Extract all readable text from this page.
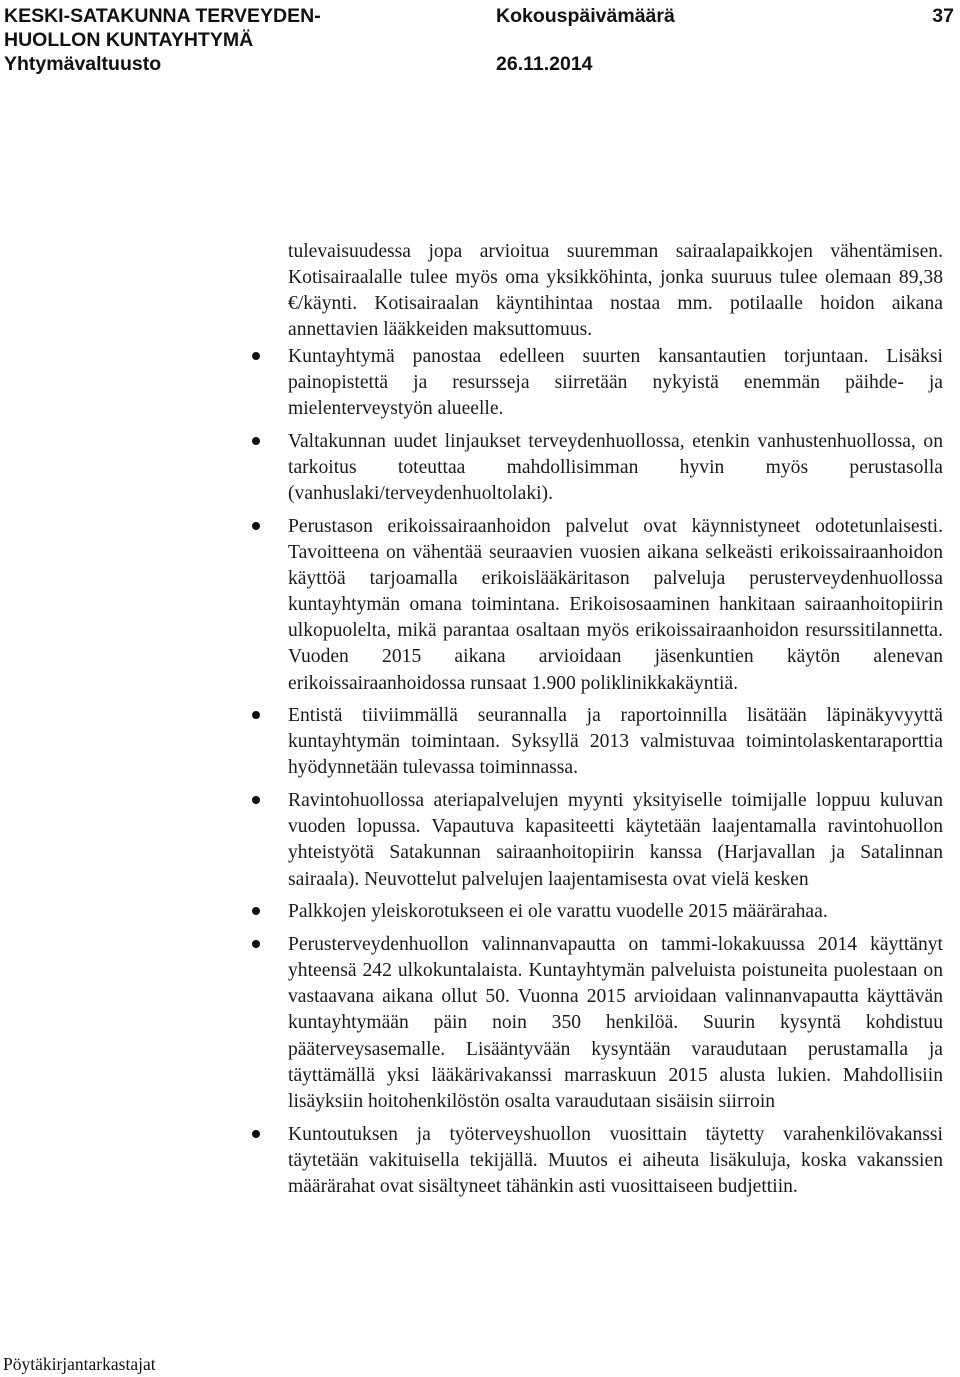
KESKI-SATAKUNNA TERVEYDEN-
HUOLLON KUNTAYHTYMÄ
Yhtymävaltuusto
Kokouspäivämäärä
26.11.2014
37

tulevaisuudessa jopa arvioitua suuremman sairaalapaikkojen vähentämisen. Kotisairaalalle tulee myös oma yksikköhinta, jonka suuruus tulee olemaan 89,38 €/käynti. Kotisairaalan käyntihintaa nostaa mm. potilaalle hoidon aikana annettavien lääkkeiden maksuttomuus.

Kuntayhtymä panostaa edelleen suurten kansantautien torjuntaan. Lisäksi painopistettä ja resursseja siirretään nykyistä enemmän päihde- ja mielenterveystyön alueelle.
Valtakunnan uudet linjaukset terveydenhuollossa, etenkin vanhustenhuollossa, on tarkoitus toteuttaa mahdollisimman hyvin myös perustasolla (vanhuslaki/terveydenhuoltolaki).
Perustason erikoissairaanhoidon palvelut ovat käynnistyneet odotetunlaisesti. Tavoitteena on vähentää seuraavien vuosien aikana selkeästi erikoissairaanhoidon käyttöä tarjoamalla erikoislääkäritason palveluja perusterveydenhuollossa kuntayhtymän omana toimintana. Erikoisosaaminen hankitaan sairaanhoitopiirin ulkopuolelta, mikä parantaa osaltaan myös erikoissairaanhoidon resurssitilannetta. Vuoden 2015 aikana arvioidaan jäsenkuntien käytön alenevan erikoissairaanhoidossa runsaat 1.900 poliklinikkakäyntiä.
Entistä tiiviimmällä seurannalla ja raportoinnilla lisätään läpinäkyvyyttä kuntayhtymän toimintaan. Syksyllä 2013 valmistuvaa toimintolaskentaraporttia hyödynnetään tulevassa toiminnassa.
Ravintohuollossa ateriapalvelujen myynti yksityiselle toimijalle loppuu kuluvan vuoden lopussa. Vapautuva kapasiteetti käytetään laajentamalla ravintohuollon yhteistyötä Satakunnan sairaanhoitopiirin kanssa (Harjavallan ja Satalinnan sairaala). Neuvottelut palvelujen laajentamisesta ovat vielä kesken
Palkkojen yleiskorotukseen ei ole varattu vuodelle 2015 määrärahaa.
Perusterveydenhuollon valinnanvapautta on tammi-lokakuussa 2014 käyttänyt yhteensä 242 ulkokuntalaista. Kuntayhtymän palveluista poistuneita puolestaan on vastaavana aikana ollut 50. Vuonna 2015 arvioidaan valinnanvapautta käyttävän kuntayhtymään päin noin 350 henkilöä. Suurin kysyntä kohdistuu pääterveysasemalle. Lisääntyvään kysyntään varaudutaan perustamalla ja täyttämällä yksi lääkärivakanssi marraskuun 2015 alusta lukien. Mahdollisiin lisäyksiin hoitohenkilöstön osalta varaudutaan sisäisin siirroin
Kuntoutuksen ja työterveyshuollon vuosittain täytetty varahenkilövakanssi täytetään vakituisella tekijällä. Muutos ei aiheuta lisäkuluja, koska vakanssien määrärahat ovat sisältyneet tähänkin asti vuosittaiseen budjettiin.
Pöytäkirjantarkastajat
